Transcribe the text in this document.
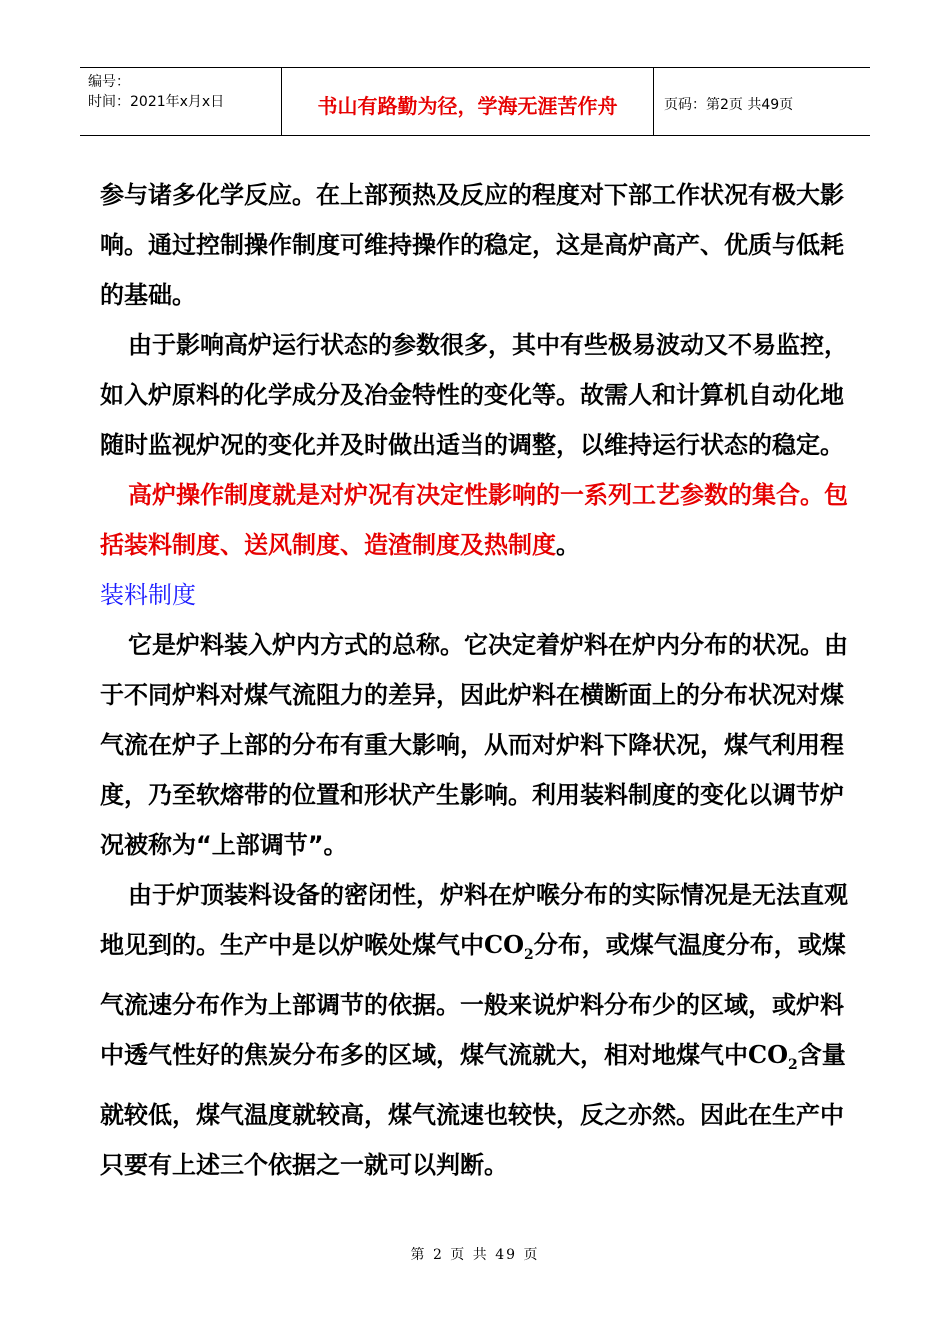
编号：
时间：2021年x月x日	书山有路勤为径，学海无涯苦作舟	页码：第2页 共49页

参与诸多化学反应。在上部预热及反应的程度对下部工作状况有极大影响。通过控制操作制度可维持操作的稳定，这是高炉高产、优质与低耗的基础。

由于影响高炉运行状态的参数很多，其中有些极易波动又不易监控，如入炉原料的化学成分及冶金特性的变化等。故需人和计算机自动化地随时监视炉况的变化并及时做出适当的调整，以维持运行状态的稳定。

高炉操作制度就是对炉况有决定性影响的一系列工艺参数的集合。包括装料制度、送风制度、造渣制度及热制度。

装料制度

它是炉料装入炉内方式的总称。它决定着炉料在炉内分布的状况。由于不同炉料对煤气流阻力的差异，因此炉料在横断面上的分布状况对煤气流在炉子上部的分布有重大影响，从而对炉料下降状况，煤气利用程度，乃至软熔带的位置和形状产生影响。利用装料制度的变化以调节炉况被称为“上部调节”。

由于炉顶装料设备的密闭性，炉料在炉喉分布的实际情况是无法直观地见到的。生产中是以炉喉处煤气中$CO_2$分布，或煤气温度分布，或煤气流速分布作为上部调节的依据。一般来说炉料分布少的区域，或炉料中透气性好的焦炭分布多的区域，煤气流就大，相对地煤气中$CO_2$含量就较低，煤气温度就较高，煤气流速也较快，反之亦然。因此在生产中只要有上述三个依据之一就可以判断。

第 2 页 共 49 页
